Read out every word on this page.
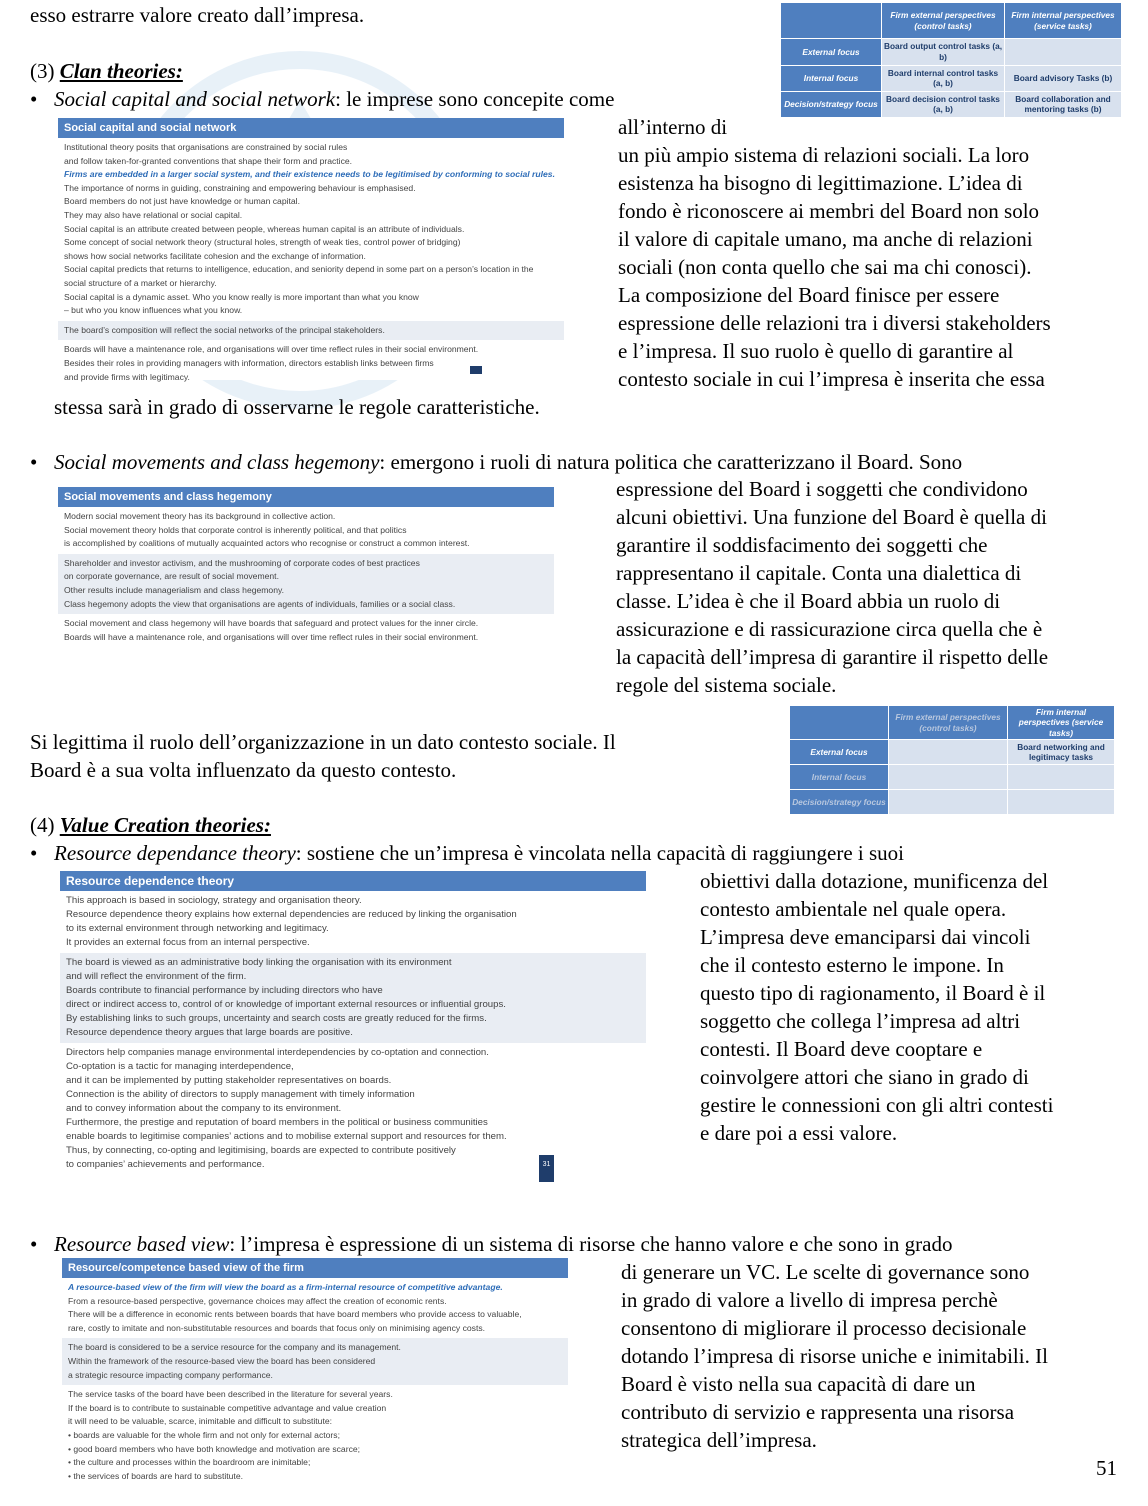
esso estrarre valore creato dall’impresa.
		Firm external perspectives (control tasks)	Firm internal perspectives (service tasks)
External focus	Board output control tasks (a, b)	
Internal focus	Board internal control tasks (a, b)	Board advisory Tasks (b)
Decision/strategy focus	Board decision control tasks (a, b)	Board collaboration and mentoring tasks (b)
(3) Clan theories:
• Social capital and social network: le imprese sono concepite come
Social capital and social network
Institutional theory posits that organisations are constrained by social rules
and follow taken-for-granted conventions that shape their form and practice.
Firms are embedded in a larger social system, and their existence needs to be legitimised by conforming to social rules.
The importance of norms in guiding, constraining and empowering behaviour is emphasised.
Board members do not just have knowledge or human capital.
They may also have relational or social capital.
Social capital is an attribute created between people, whereas human capital is an attribute of individuals.
Some concept of social network theory (structural holes, strength of weak ties, control power of bridging)
shows how social networks facilitate cohesion and the exchange of information.
Social capital predicts that returns to intelligence, education, and seniority depend in some part on a person’s location in the
social structure of a market or hierarchy.
Social capital is a dynamic asset. Who you know really is more important than what you know
– but who you know influences what you know.
The board’s composition will reflect the social networks of the principal stakeholders.
Boards will have a maintenance role, and organisations will over time reflect rules in their social environment.
Besides their roles in providing managers with information, directors establish links between firms
and provide firms with legitimacy.
all’interno di
un più ampio sistema di relazioni sociali. La loro
esistenza ha bisogno di legittimazione. L’idea di
fondo è riconoscere ai membri del Board non solo
il valore di capitale umano, ma anche di relazioni
sociali (non conta quello che sai ma chi conosci).
La composizione del Board finisce per essere
espressione delle relazioni tra i diversi stakeholders
e l’impresa. Il suo ruolo è quello di garantire al
contesto sociale in cui l’impresa è inserita che essa
stessa sarà in grado di osservarne le regole caratteristiche.
• Social movements and class hegemony: emergono i ruoli di natura politica che caratterizzano il Board. Sono
Social movements and class hegemony
Modern social movement theory has its background in collective action.
Social movement theory holds that corporate control is inherently political, and that politics
is accomplished by coalitions of mutually acquainted actors who recognise or construct a common interest.
Shareholder and investor activism, and the mushrooming of corporate codes of best practices
on corporate governance, are result of social movement.
Other results include managerialism and class hegemony.
Class hegemony adopts the view that organisations are agents of individuals, families or a social class.
Social movement and class hegemony will have boards that safeguard and protect values for the inner circle.
Boards will have a maintenance role, and organisations will over time reflect rules in their social environment.
espressione del Board i soggetti che condividono
alcuni obiettivi. Una funzione del Board è quella di
garantire il soddisfacimento dei soggetti che
rappresentano il capitale. Conta una dialettica di
classe. L’idea è che il Board abbia un ruolo di
assicurazione e di rassicurazione circa quella che è
la capacità dell’impresa di garantire il rispetto delle
regole del sistema sociale.
	Firm external perspectives (control tasks)	Firm internal perspectives (service tasks)
External focus		Board networking and legitimacy tasks
Internal focus		
Decision/strategy focus		
Si legittima il ruolo dell’organizzazione in un dato contesto sociale. Il
Board è a sua volta influenzato da questo contesto.
(4) Value Creation theories:
• Resource dependance theory: sostiene che un’impresa è vincolata nella capacità di raggiungere i suoi
Resource dependence theory
This approach is based in sociology, strategy and organisation theory.
Resource dependence theory explains how external dependencies are reduced by linking the organisation
to its external environment through networking and legitimacy.
It provides an external focus from an internal perspective.
The board is viewed as an administrative body linking the organisation with its environment
and will reflect the environment of the firm.
Boards contribute to financial performance by including directors who have
direct or indirect access to, control of or knowledge of important external resources or influential groups.
By establishing links to such groups, uncertainty and search costs are greatly reduced for the firms.
Resource dependence theory argues that large boards are positive.
Directors help companies manage environmental interdependencies by co-optation and connection.
Co-optation is a tactic for managing interdependence,
and it can be implemented by putting stakeholder representatives on boards.
Connection is the ability of directors to supply management with timely information
and to convey information about the company to its environment.
Furthermore, the prestige and reputation of board members in the political or business communities
enable boards to legitimise companies’ actions and to mobilise external support and resources for them.
Thus, by connecting, co-opting and legitimising, boards are expected to contribute positively
to companies’ achievements and performance.	31
obiettivi dalla dotazione, munificenza del
contesto ambientale nel quale opera.
L’impresa deve emanciparsi dai vincoli
che il contesto esterno le impone. In
questo tipo di ragionamento, il Board è il
soggetto che collega l’impresa ad altri
contesti. Il Board deve cooptare e
coinvolgere attori che siano in grado di
gestire le connessioni con gli altri contesti
e dare poi a essi valore.
• Resource based view: l’impresa è espressione di un sistema di risorse che hanno valore e che sono in grado
Resource/competence based view of the firm
A resource-based view of the firm will view the board as a firm-internal resource of competitive advantage.
From a resource-based perspective, governance choices may affect the creation of economic rents.
There will be a difference in economic rents between boards that have board members who provide access to valuable,
rare, costly to imitate and non-substitutable resources and boards that focus only on minimising agency costs.
The board is considered to be a service resource for the company and its management.
Within the framework of the resource-based view the board has been considered
a strategic resource impacting company performance.
The service tasks of the board have been described in the literature for several years.
If the board is to contribute to sustainable competitive advantage and value creation
it will need to be valuable, scarce, inimitable and difficult to substitute:
• boards are valuable for the whole firm and not only for external actors;
• good board members who have both knowledge and motivation are scarce;
• the culture and processes within the boardroom are inimitable;
• the services of boards are hard to substitute.
di generare un VC. Le scelte di governance sono
in grado di valore a livello di impresa perchè
consentono di migliorare il processo decisionale
dotando l’impresa di risorse uniche e inimitabili. Il
Board è visto nella sua capacità di dare un
contributo di servizio e rappresenta una risorsa
strategica dell’impresa.
51
